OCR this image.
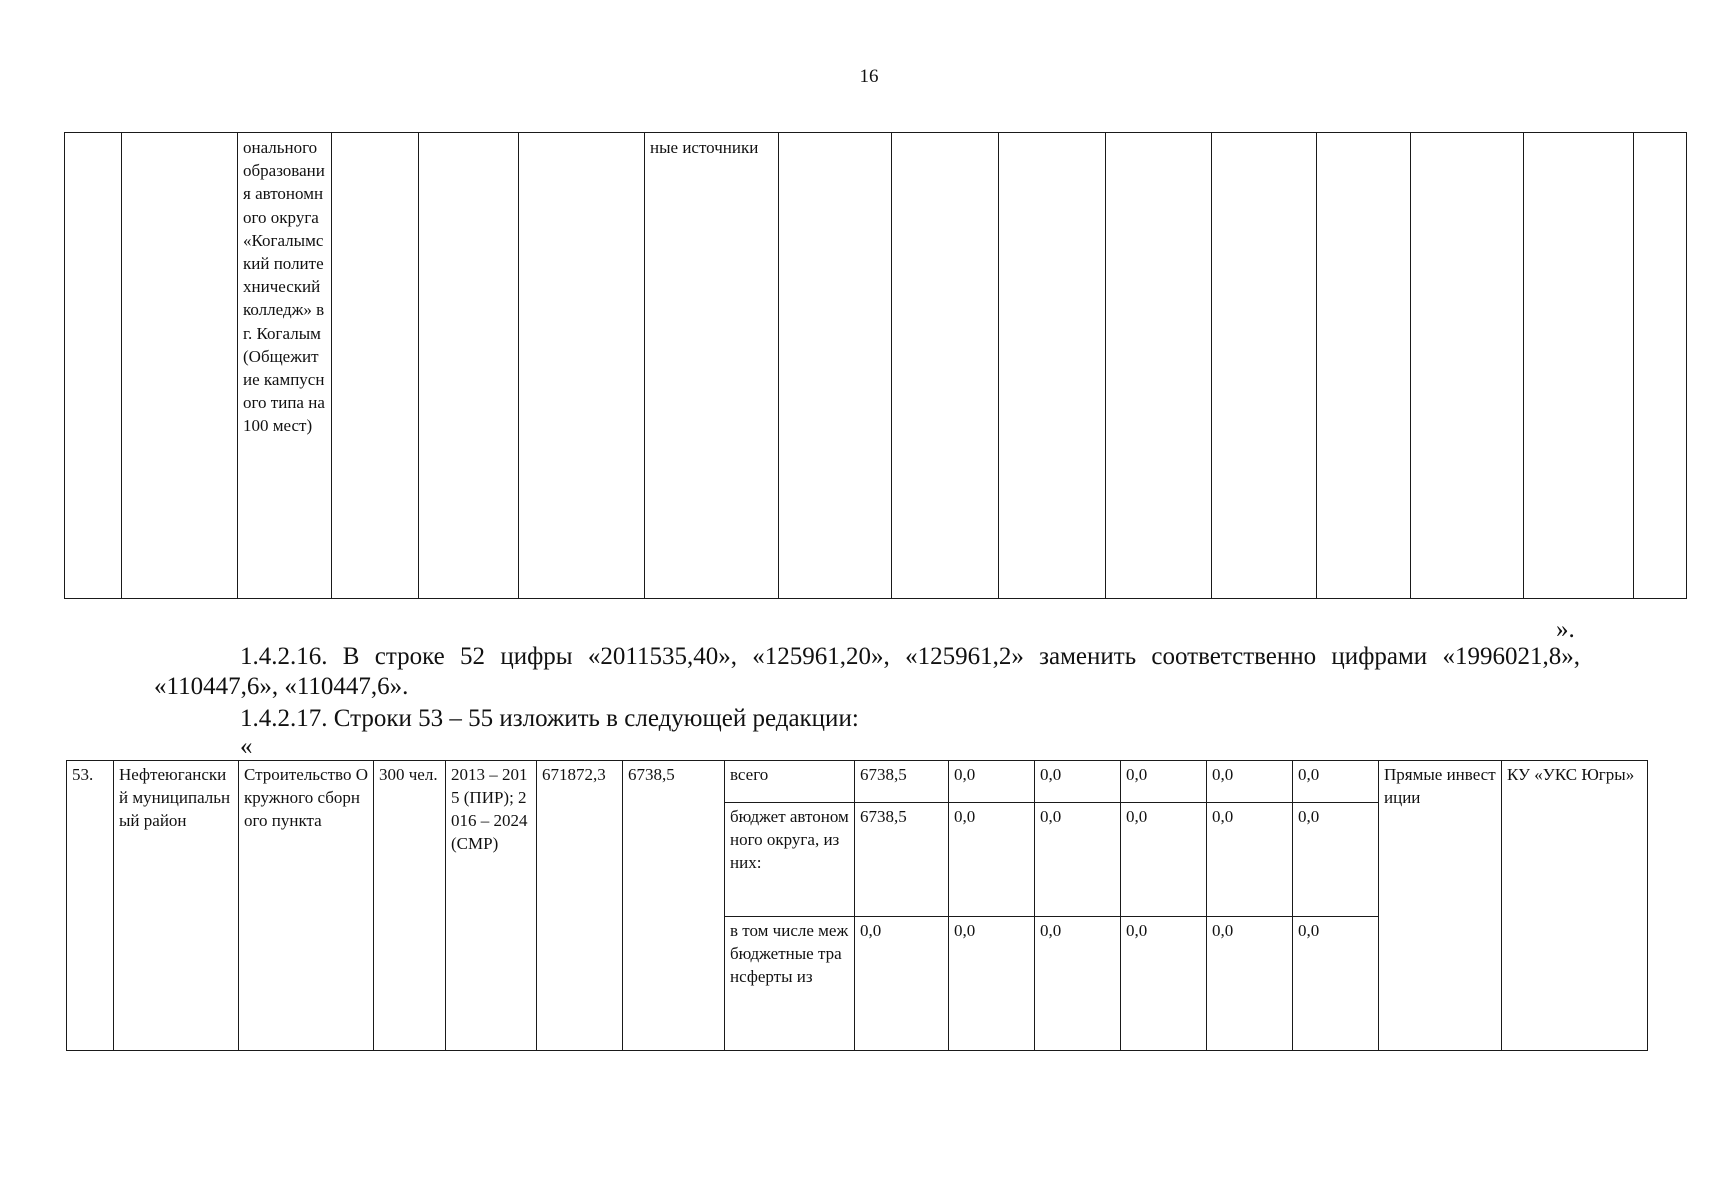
16
		онального образования автономного округа «Когалымский политехнический колледж» в г. Когалым (Общежитие кампусного типа на 100 мест)				ные источники									
».
1.4.2.16. В строке 52 цифры «2011535,40», «125961,20», «125961,2» заменить соответственно цифрами «1996021,8», «110447,6», «110447,6».
1.4.2.17. Строки 53 – 55 изложить в следующей редакции:
«
53.	Нефтеюганский муниципальный район	Строительство Окружного сборного пункта	300 чел.	2013 – 2015 (ПИР); 2016 – 2024 (СМР)	671872,3	6738,5	всего	6738,5	0,0	0,0	0,0	0,0	0,0	Прямые инвестиции	КУ «УКС Югры»
							бюджет автономного округа, из них:	6738,5	0,0	0,0	0,0	0,0	0,0		
							в том числе межбюджетные трансферты из	0,0	0,0	0,0	0,0	0,0	0,0		
